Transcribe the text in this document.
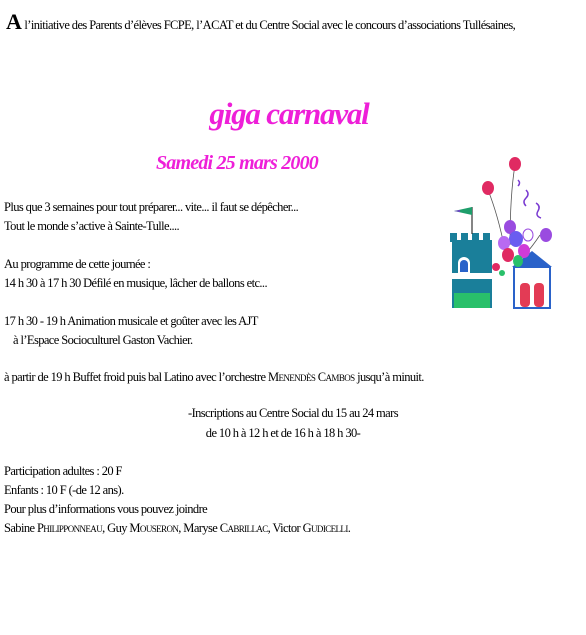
A l’initiative des Parents d’élèves FCPE, l’ACAT et du Centre Social avec le concours d’associations Tullésaines,
giga carnaval
Samedi 25 mars 2000
Plus que 3 semaines pour tout préparer... vite... il faut se dépêcher...
Tout le monde s’active à Sainte-Tulle....
Au programme de cette journée :
14 h 30 à 17 h 30 Défilé en musique, lâcher de ballons etc...
17 h 30 - 19 h Animation musicale et goûter avec les AJT
à l’Espace Socioculturel Gaston Vachier.
à partir de 19 h Buffet froid puis bal Latino avec l’orchestre Menendès Cambos jusqu’à minuit.
-Inscriptions au Centre Social du 15 au 24 mars
de 10 h à 12 h et de 16 h à 18 h 30-
Participation adultes : 20 F
Enfants : 10 F (-de 12 ans).
Pour plus d’informations vous pouvez joindre
Sabine Philipponneau, Guy Mouseron, Maryse Cabrillac, Victor Gudicelli.
